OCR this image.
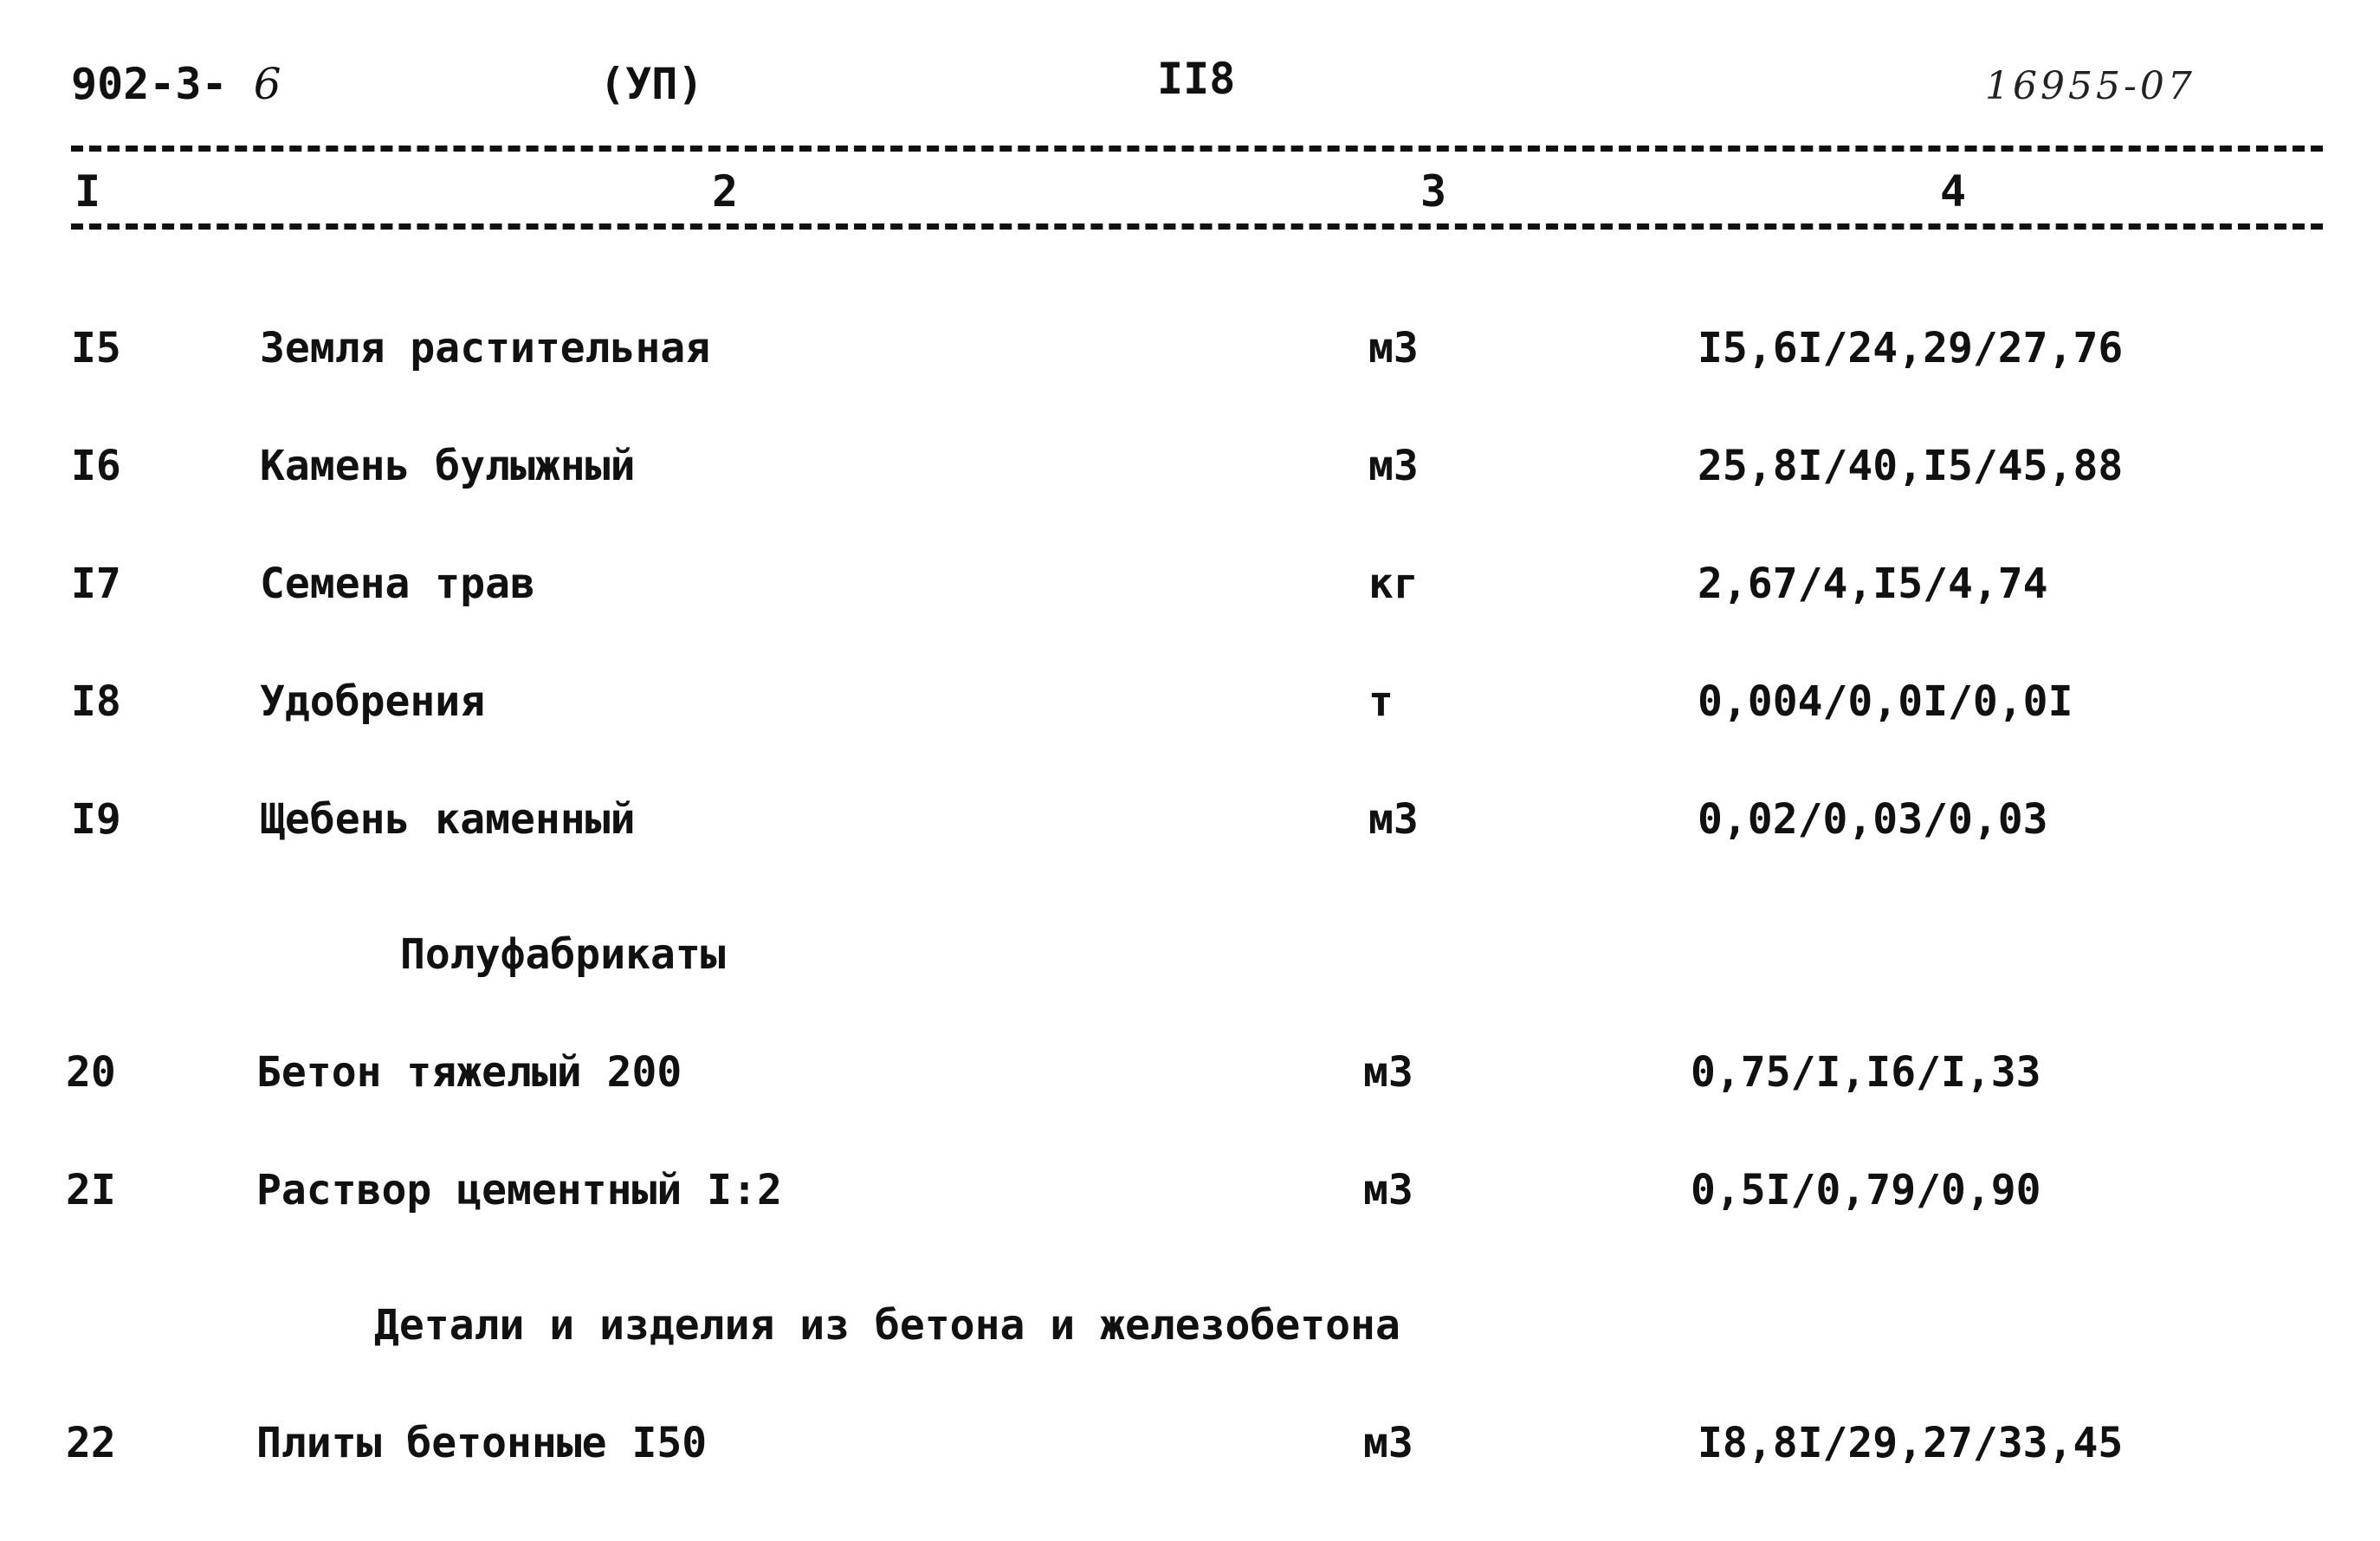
902-3- 6	(УП)	II8	16955-07
I	2	3	4
I5	Земля растительная	м3	I5,6I/24,29/27,76
I6	Камень булыжный	м3	25,8I/40,I5/45,88
I7	Семена трав	кг	2,67/4,I5/4,74
I8	Удобрения	т	0,004/0,0I/0,0I
I9	Щебень каменный	м3	0,02/0,03/0,03
Полуфабрикаты
20	Бетон тяжелый 200	м3	0,75/I,I6/I,33
2I	Раствор цементный I:2	м3	0,5I/0,79/0,90
Детали и изделия из бетона и железобетона
22	Плиты бетонные I50	м3	I8,8I/29,27/33,45
